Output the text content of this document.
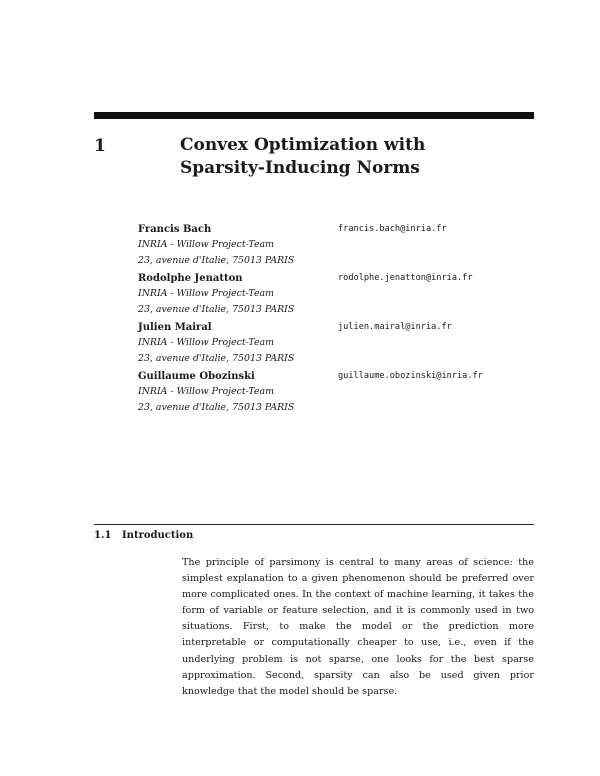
1	Convex Optimization with
Sparsity-Inducing Norms
Francis Bach	francis.bach@inria.fr
INRIA - Willow Project-Team
23, avenue d'Italie, 75013 PARIS
Rodolphe Jenatton	rodolphe.jenatton@inria.fr
INRIA - Willow Project-Team
23, avenue d'Italie, 75013 PARIS
Julien Mairal	julien.mairal@inria.fr
INRIA - Willow Project-Team
23, avenue d'Italie, 75013 PARIS
Guillaume Obozinski	guillaume.obozinski@inria.fr
INRIA - Willow Project-Team
23, avenue d'Italie, 75013 PARIS
1.1 Introduction

The principle of parsimony is central to many areas of science: the simplest explanation to a given phenomenon should be preferred over more complicated ones. In the context of machine learning, it takes the form of variable or feature selection, and it is commonly used in two situations. First, to make the model or the prediction more interpretable or computationally cheaper to use, i.e., even if the underlying problem is not sparse, one looks for the best sparse approximation. Second, sparsity can also be used given prior knowledge that the model should be sparse.
